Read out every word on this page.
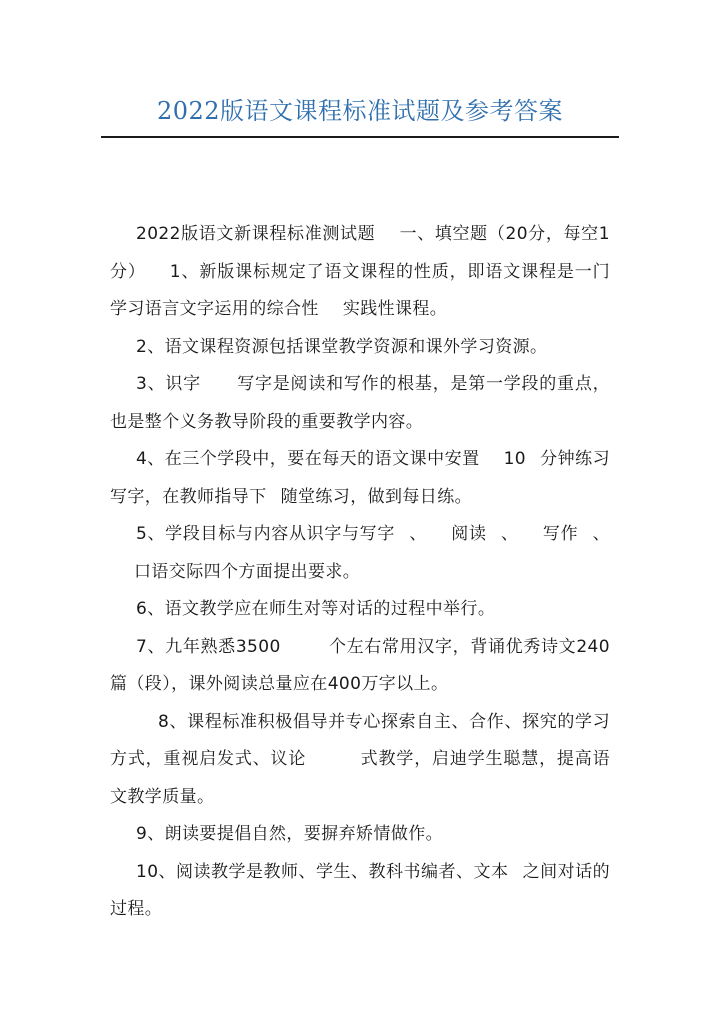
2022版语文课程标准试题及参考答案

2022版语文新课程标准测试题 一、填空题（20分，每空1分） 1、新版课标规定了语文课程的性质，即语文课程是一门学习语言文字运用的综合性 实践性课程。

2、语文课程资源包括课堂教学资源和课外学习资源。

3、识字 写字是阅读和写作的根基，是第一学段的重点，也是整个义务教导阶段的重要教学内容。

4、在三个学段中，要在每天的语文课中安置 10 分钟练习写字，在教师指导下 随堂练习，做到每日练。

5、学段目标与内容从识字与写字 、 阅读 、 写作 、口语交际四个方面提出要求。

6、语文教学应在师生对等对话的过程中举行。

7、九年熟悉3500	个左右常用汉字，背诵优秀诗文240篇（段），课外阅读总量应在400万字以上。

8、课程标准积极倡导并专心探索自主、合作、探究的学习方式，重视启发式、议论	式教学，启迪学生聪慧，提高语文教学质量。

9、朗读要提倡自然，要摒弃矫情做作。

10、阅读教学是教师、学生、教科书编者、文本 之间对话的过程。
